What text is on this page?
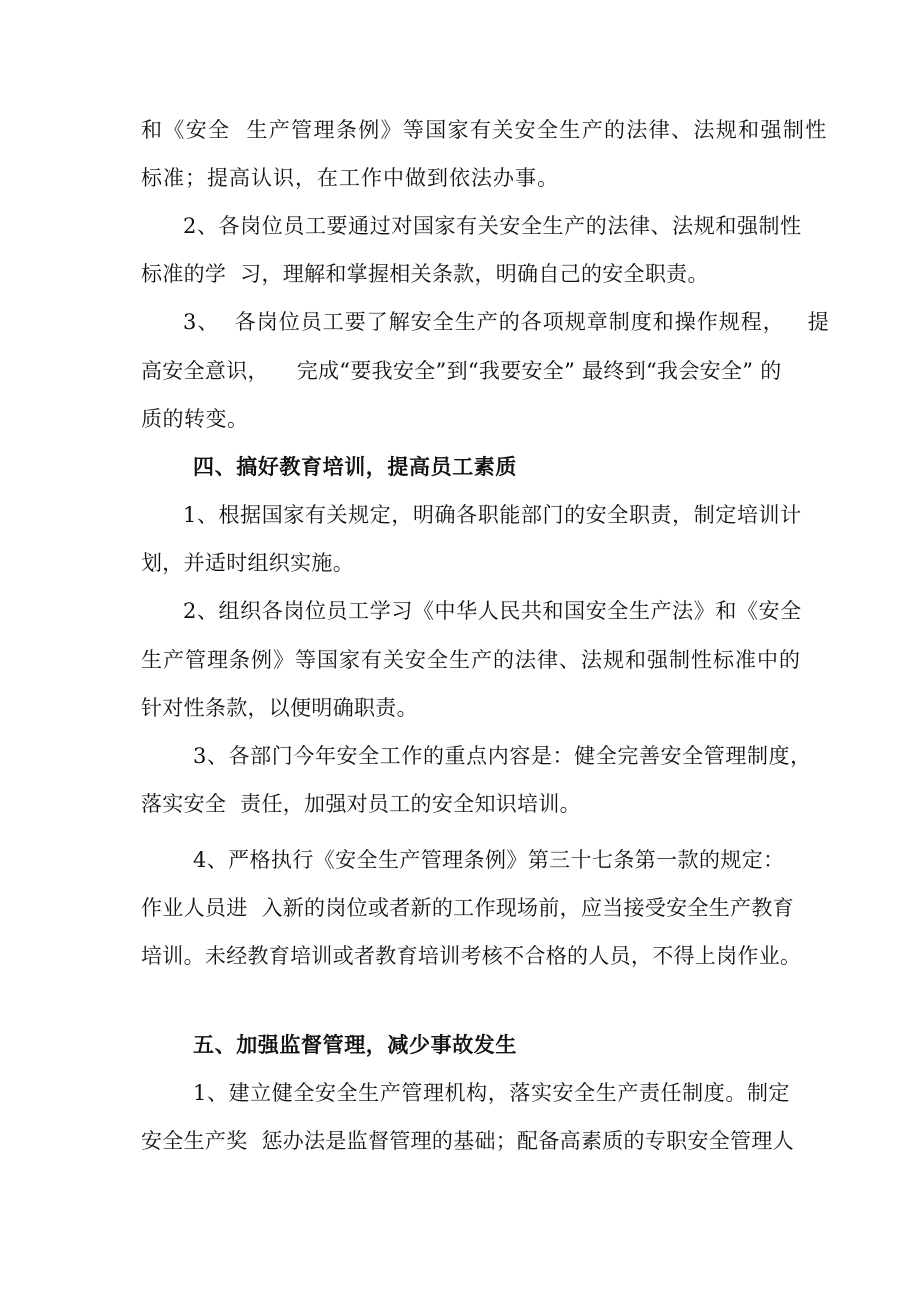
和《安全  生产管理条例》等国家有关安全生产的法律、法规和强制性
标准；提高认识，在工作中做到依法办事。
2、各岗位员工要通过对国家有关安全生产的法律、法规和强制性
标准的学  习，理解和掌握相关条款，明确自己的安全职责。
3、  各岗位员工要了解安全生产的各项规章制度和操作规程，   提
高安全意识，    完成“要我安全”到“我要安全” 最终到“我会安全” 的
质的转变。
四、搞好教育培训，提高员工素质
1、根据国家有关规定，明确各职能部门的安全职责，制定培训计
划，并适时组织实施。
2、组织各岗位员工学习《中华人民共和国安全生产法》和《安全
生产管理条例》等国家有关安全生产的法律、法规和强制性标准中的
针对性条款，以便明确职责。
3、各部门今年安全工作的重点内容是：健全完善安全管理制度，
落实安全  责任，加强对员工的安全知识培训。
4、严格执行《安全生产管理条例》第三十七条第一款的规定：
作业人员进  入新的岗位或者新的工作现场前，应当接受安全生产教育
培训。未经教育培训或者教育培训考核不合格的人员，不得上岗作业。
五、加强监督管理，减少事故发生
1、建立健全安全生产管理机构，落实安全生产责任制度。制定
安全生产奖  惩办法是监督管理的基础；配备高素质的专职安全管理人
